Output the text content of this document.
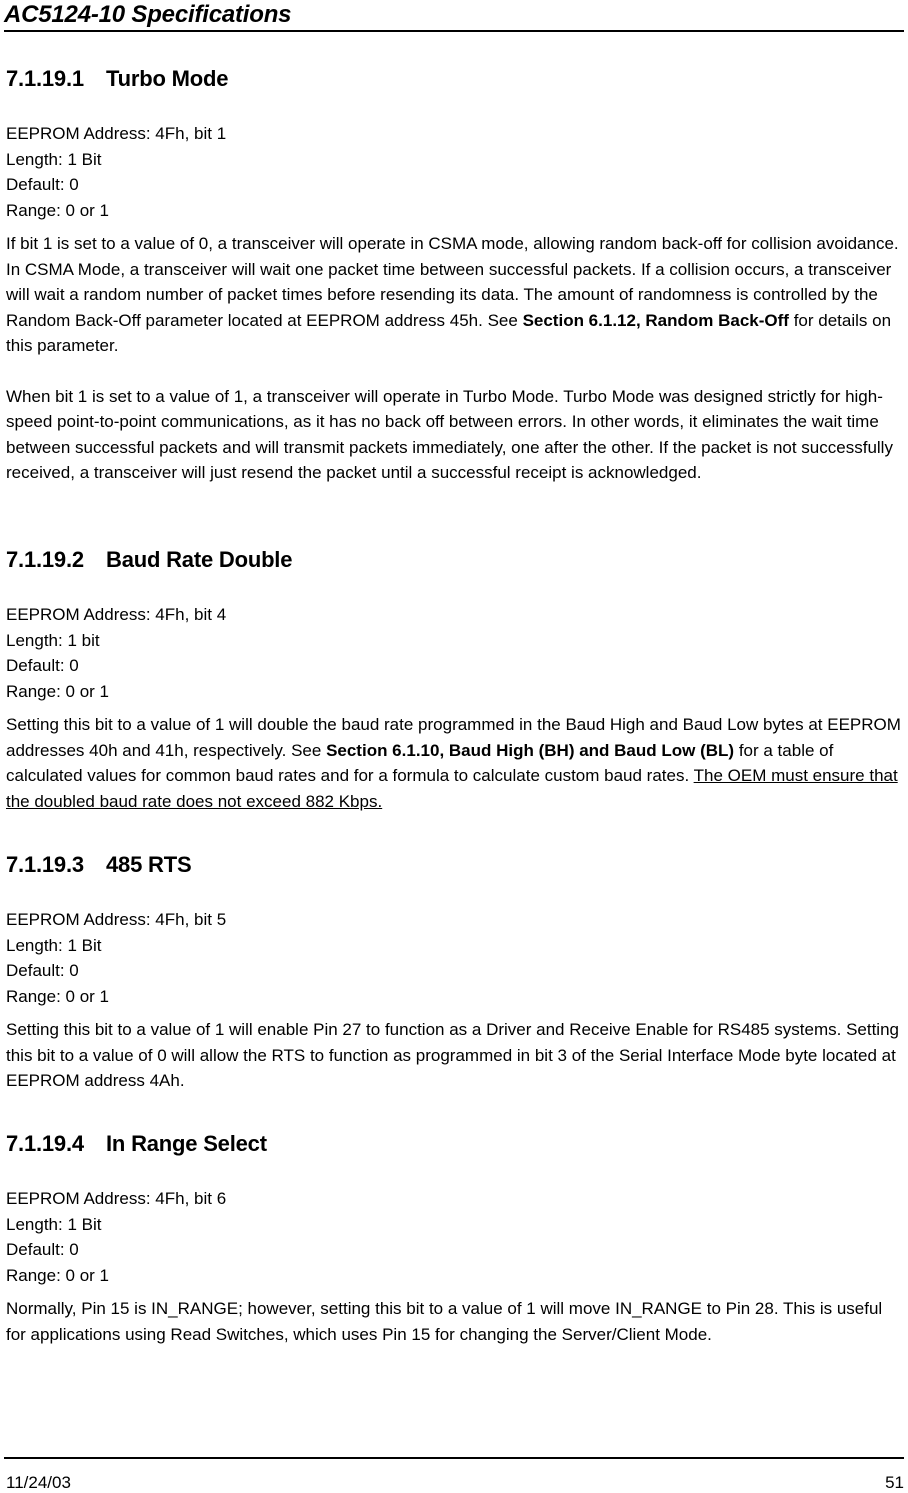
AC5124-10 Specifications
7.1.19.1 Turbo Mode
EEPROM Address: 4Fh, bit 1
Length: 1 Bit
Default: 0
Range: 0 or 1

If bit 1 is set to a value of 0, a transceiver will operate in CSMA mode, allowing random back-off for collision avoidance. In CSMA Mode, a transceiver will wait one packet time between successful packets. If a collision occurs, a transceiver will wait a random number of packet times before resending its data. The amount of randomness is controlled by the Random Back-Off parameter located at EEPROM address 45h. See Section 6.1.12, Random Back-Off for details on this parameter.

When bit 1 is set to a value of 1, a transceiver will operate in Turbo Mode. Turbo Mode was designed strictly for high-speed point-to-point communications, as it has no back off between errors. In other words, it eliminates the wait time between successful packets and will transmit packets immediately, one after the other. If the packet is not successfully received, a transceiver will just resend the packet until a successful receipt is acknowledged.

7.1.19.2 Baud Rate Double
EEPROM Address: 4Fh, bit 4
Length: 1 bit
Default: 0
Range: 0 or 1

Setting this bit to a value of 1 will double the baud rate programmed in the Baud High and Baud Low bytes at EEPROM addresses 40h and 41h, respectively. See Section 6.1.10, Baud High (BH) and Baud Low (BL) for a table of calculated values for common baud rates and for a formula to calculate custom baud rates. The OEM must ensure that the doubled baud rate does not exceed 882 Kbps.

7.1.19.3 485 RTS
EEPROM Address: 4Fh, bit 5
Length: 1 Bit
Default: 0
Range: 0 or 1

Setting this bit to a value of 1 will enable Pin 27 to function as a Driver and Receive Enable for RS485 systems. Setting this bit to a value of 0 will allow the RTS to function as programmed in bit 3 of the Serial Interface Mode byte located at EEPROM address 4Ah.

7.1.19.4 In Range Select
EEPROM Address: 4Fh, bit 6
Length: 1 Bit
Default: 0
Range: 0 or 1

Normally, Pin 15 is IN_RANGE; however, setting this bit to a value of 1 will move IN_RANGE to Pin 28. This is useful for applications using Read Switches, which uses Pin 15 for changing the Server/Client Mode.

11/24/03	51
